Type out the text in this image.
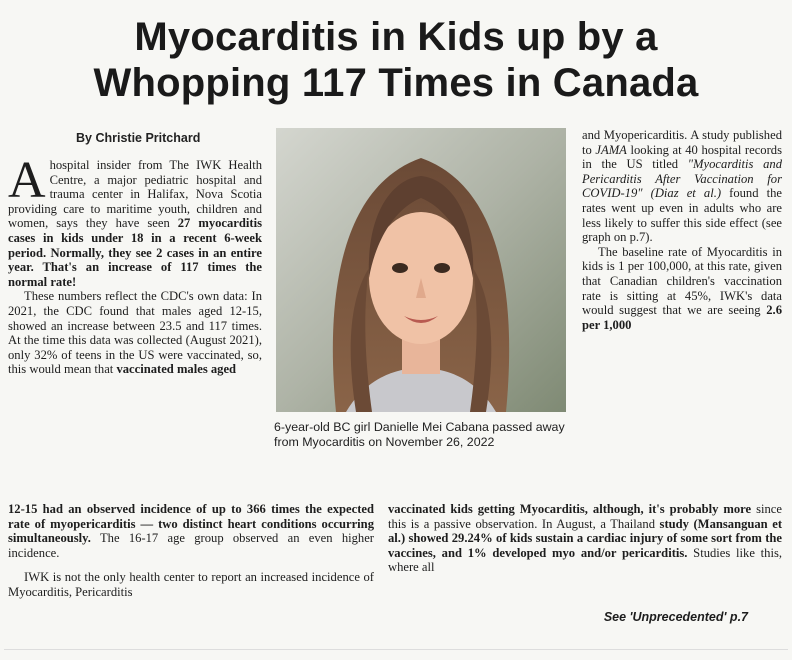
Myocarditis in Kids up by a
Whopping 117 Times in Canada
By Christie Pritchard

Ahospital insider from The IWK Health Centre, a major pediatric hospital and trauma center in Halifax, Nova Scotia providing care to maritime youth, children and women, says they have seen 27 myocarditis cases in kids under 18 in a recent 6-week period. Normally, they see 2 cases in an entire year. That's an increase of 117 times the normal rate!

These numbers reflect the CDC's own data: In 2021, the CDC found that males aged 12-15, showed an increase between 23.5 and 117 times. At the time this data was collected (August 2021), only 32% of teens in the US were vaccinated, so, this would mean that vaccinated males aged

6-year-old BC girl Danielle Mei Cabana passed away from Myocarditis on November 26, 2022

and Myopericarditis. A study published to JAMA looking at 40 hospital records in the US titled "Myocarditis and Pericarditis After Vaccination for COVID-19" (Diaz et al.) found the rates went up even in adults who are less likely to suffer this side effect (see graph on p.7).

The baseline rate of Myocarditis in kids is 1 per 100,000, at this rate, given that Canadian children's vaccination rate is sitting at 45%, IWK's data would suggest that we are seeing 2.6 per 1,000

12-15 had an observed incidence of up to 366 times the expected rate of myopericarditis — two distinct heart conditions occurring simultaneously. The 16-17 age group observed an even higher incidence.

IWK is not the only health center to report an increased incidence of Myocarditis, Pericarditis

vaccinated kids getting Myocarditis, although, it's probably more since this is a passive observation. In August, a Thailand study (Mansanguan et al.) showed 29.24% of kids sustain a cardiac injury of some sort from the vaccines, and 1% developed myo and/or pericarditis. Studies like this, where all

See 'Unprecedented' p.7
